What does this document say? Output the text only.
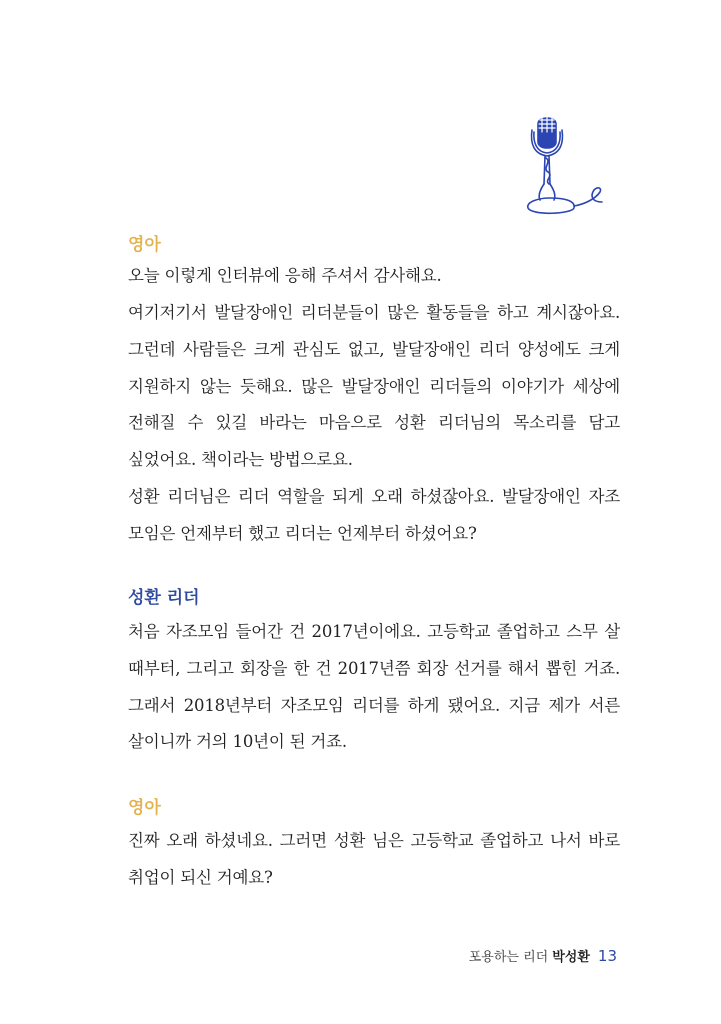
영아
오늘 이렇게 인터뷰에 응해 주셔서 감사해요.
여기저기서 발달장애인 리더분들이 많은 활동들을 하고 계시잖아요. 그런데 사람들은 크게 관심도 없고, 발달장애인 리더 양성에도 크게 지원하지 않는 듯해요. 많은 발달장애인 리더들의 이야기가 세상에 전해질 수 있길 바라는 마음으로 성환 리더님의 목소리를 담고 싶었어요. 책이라는 방법으로요.
성환 리더님은 리더 역할을 되게 오래 하셨잖아요. 발달장애인 자조 모임은 언제부터 했고 리더는 언제부터 하셨어요?
성환 리더
처음 자조모임 들어간 건 2017년이에요. 고등학교 졸업하고 스무 살 때부터, 그리고 회장을 한 건 2017년쯤 회장 선거를 해서 뽑힌 거죠. 그래서 2018년부터 자조모임 리더를 하게 됐어요. 지금 제가 서른 살이니까 거의 10년이 된 거죠.
영아
진짜 오래 하셨네요. 그러면 성환 님은 고등학교 졸업하고 나서 바로 취업이 되신 거예요?
포용하는 리더 박성환 13
